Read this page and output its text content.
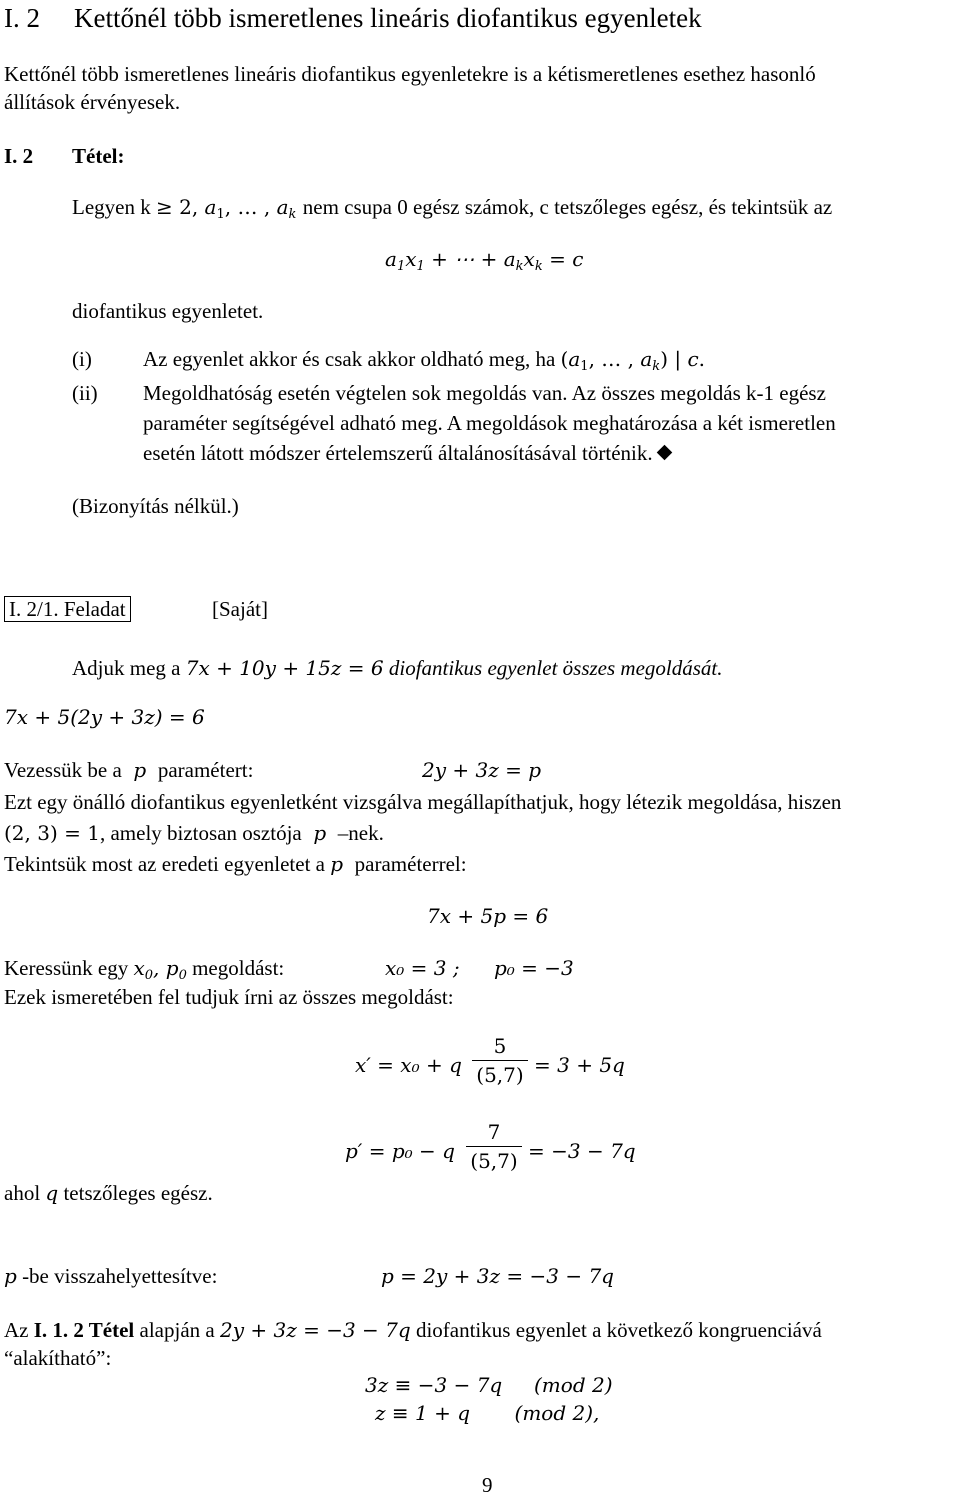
I. 2 Kettőnél több ismeretlenes lineáris diofantikus egyenletek
Kettőnél több ismeretlenes lineáris diofantikus egyenletekre is a kétismeretlenes esethez hasonló
állítások érvényesek.
I. 2 Tétel:
Legyen k ≥ 2, $a_1$, … , $a_k$ nem csupa 0 egész számok, c tetszőleges egész, és tekintsük az
$a_1x_1$ + ⋯ + $a_kx_k = c$
diofantikus egyenletet.
(i) Az egyenlet akkor és csak akkor oldható meg, ha ($a_1$, … , $a_k$) | c.
(ii) Megoldhatóság esetén végtelen sok megoldás van. Az összes megoldás k-1 egész
paraméter segítségével adható meg. A megoldások meghatározása a két ismeretlen
esetén látott módszer értelemszerű általánosításával történik.
(Bizonyítás nélkül.)
I. 2/1. Feladat	[Saját]
Adjuk meg a 7x + 10y + 15z = 6 diofantikus egyenlet összes megoldását.
7x + 5(2y + 3z) = 6
Vezessük be a  p  paramétert:	2y + 3z = p
Ezt egy önálló diofantikus egyenletként vizsgálva megállapíthatjuk, hogy létezik megoldása, hiszen
(2, 3) = 1, amely biztosan osztója  p  –nek.
Tekintsük most az eredeti egyenletet a p  paraméterrel:
7x + 5p = 6
Keressünk egy $x_0$, $p_0$ megoldást:	x₀ = 3 ; p₀ = −3
Ezek ismeretében fel tudjuk írni az összes megoldást:
x′ = x₀ + q
5
(5,7) = 3 + 5q
p′ = p₀ − q
7
(5,7) = −3 − 7q
ahol q tetszőleges egész.
p -be visszahelyettesítve:	p = 2y + 3z = −3 − 7q
Az I. 1. 2 Tétel alapján a 2y + 3z = −3 − 7q diofantikus egyenlet a következő kongruenciává
“alakítható”:
3z ≡ −3 − 7q     (mod 2)
z ≡ 1 + q       (mod 2),
9
